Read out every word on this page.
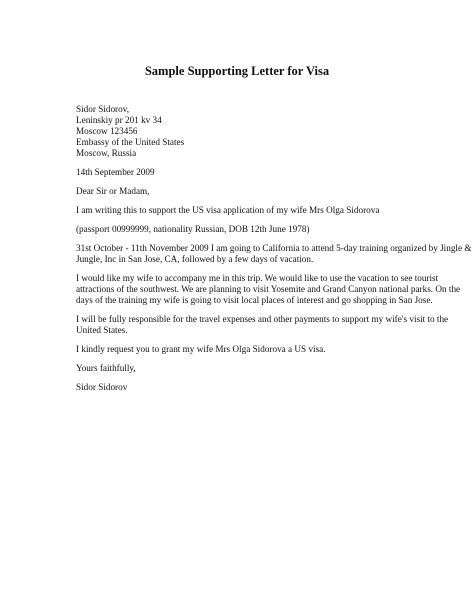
Sample Supporting Letter for Visa
Sidor Sidorov,
Leninskiy pr 201 kv 34
Moscow 123456
Embassy of the United States
Moscow, Russia
14th September 2009
Dear Sir or Madam,
I am writing this to support the US visa application of my wife Mrs Olga Sidorova
(passport 00999999, nationality Russian, DOB 12th June 1978)
31st October - 11th November 2009 I am going to California to attend 5-day training organized by Jingle &
Jungle, Inc in San Jose, CA, followed by a few days of vacation.
I would like my wife to accompany me in this trip. We would like to use the vacation to see tourist
attractions of the southwest. We are planning to visit Yosemite and Grand Canyon national parks. On the
days of the training my wife is going to visit local places of interest and go shopping in San Jose.
I will be fully responsible for the travel expenses and other payments to support my wife's visit to the
United States.
I kindly request you to grant my wife Mrs Olga Sidorova a US visa.
Yours faithfully,
Sidor Sidorov
